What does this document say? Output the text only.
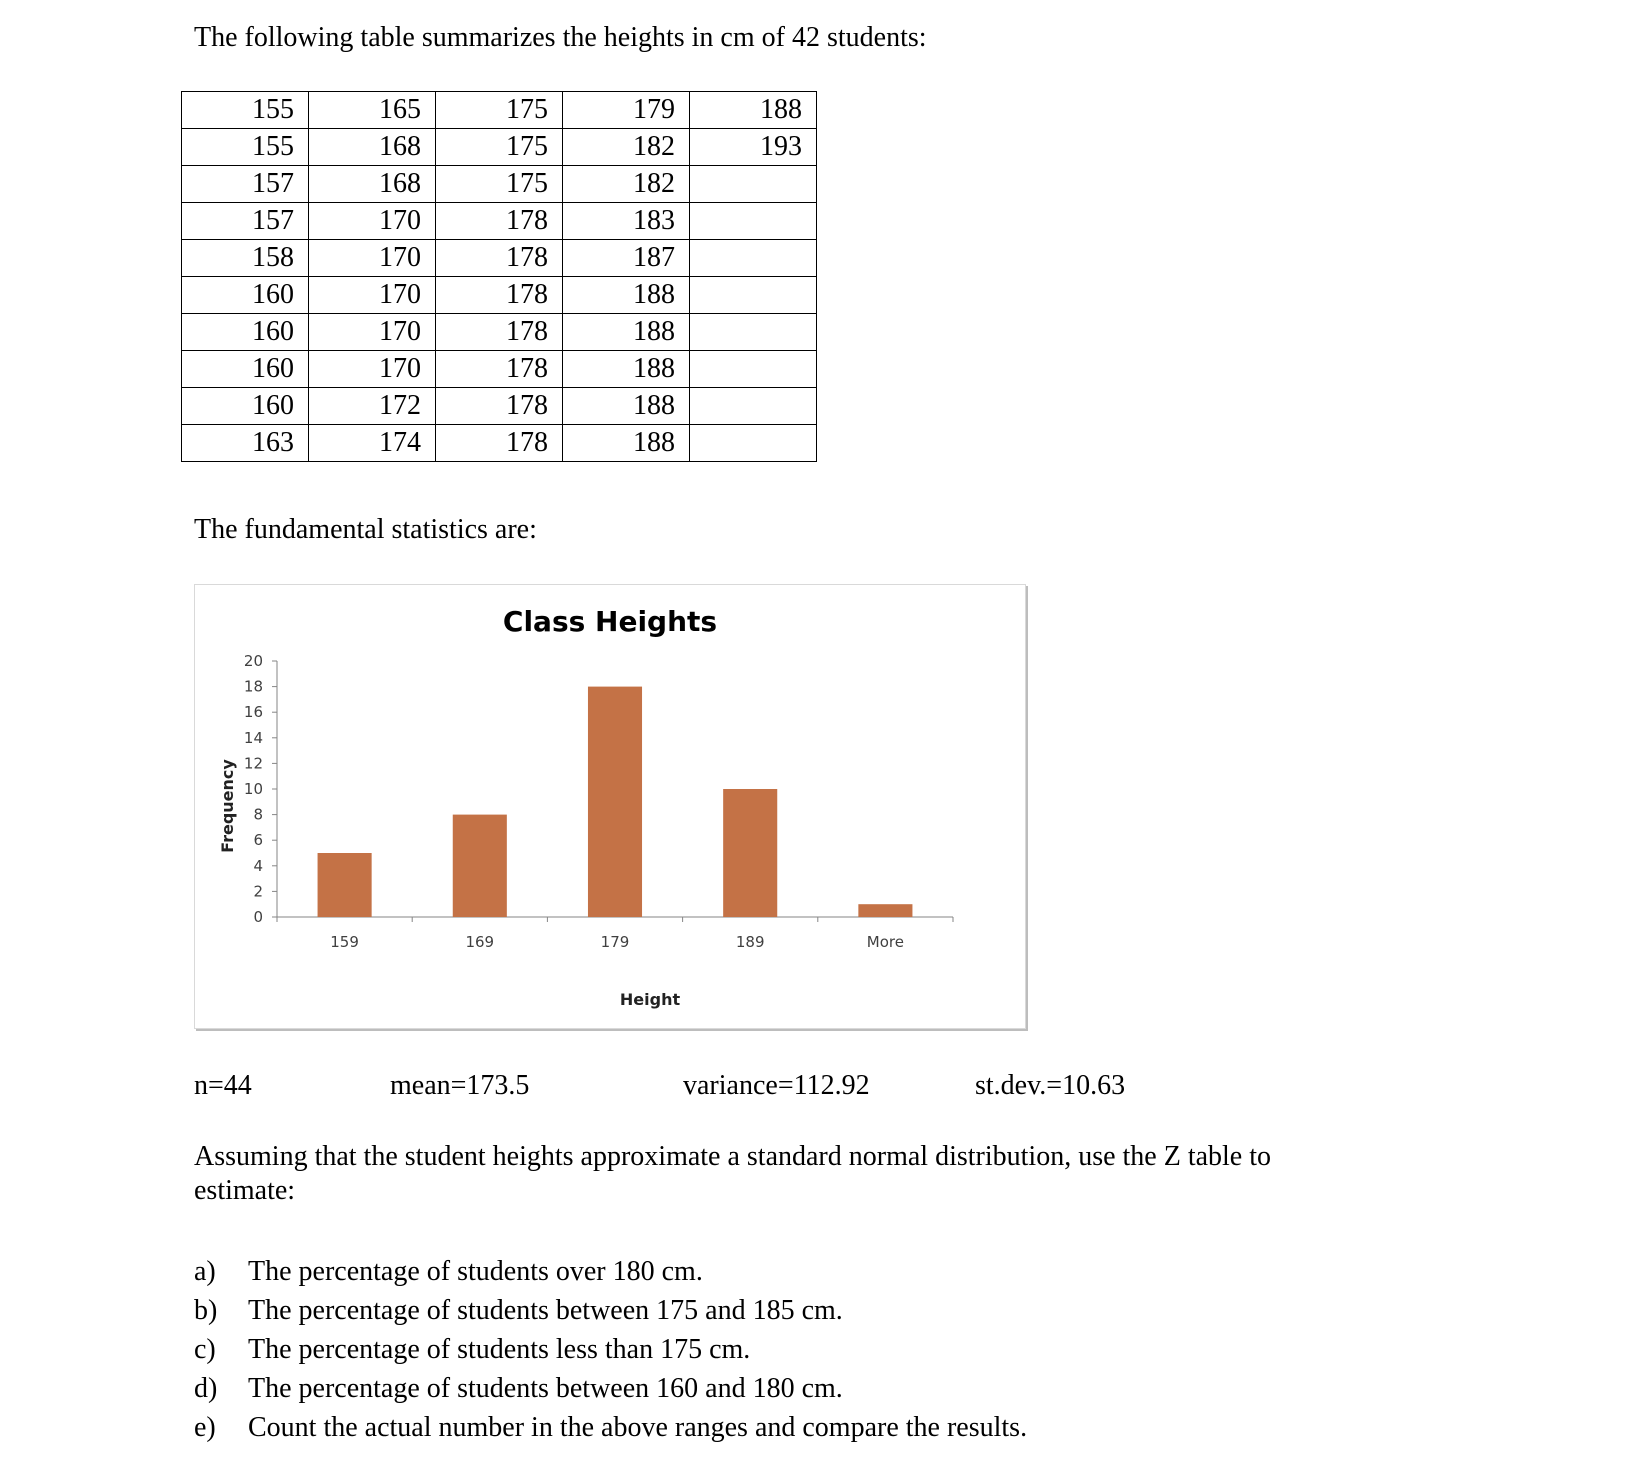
The following table summarizes the heights in cm of 42 students:

155	165	175	179	188
155	168	175	182	193
157	168	175	182	
157	170	178	183	
158	170	178	187	
160	170	178	188	
160	170	178	188	
160	170	178	188	
160	172	178	188	
163	174	178	188	

The fundamental statistics are:

Class Heights
Height
Frequency
0
2
4
6
8
10
12
14
16
18
20
159	169	179	189	More

n=44	mean=173.5	variance=112.92	st.dev.=10.63

Assuming that the student heights approximate a standard normal distribution, use the Z table to estimate:

a) The percentage of students over 180 cm.
b) The percentage of students between 175 and 185 cm.
c) The percentage of students less than 175 cm.
d) The percentage of students between 160 and 180 cm.
e) Count the actual number in the above ranges and compare the results.
